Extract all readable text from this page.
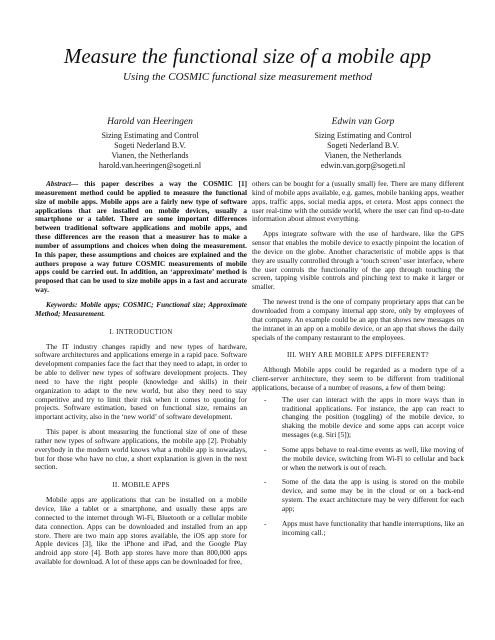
Measure the functional size of a mobile app
Using the COSMIC functional size measurement method
Harold van Heeringen
Sizing Estimating and Control
Sogeti Nederland B.V.
Vianen, the Netherlands
harold.van.heeringen@sogeti.nl
Edwin van Gorp
Sizing Estimating and Control
Sogeti Nederland B.V.
Vianen, the Netherlands
edwin.van.gorp@sogeti.nl

Abstract— this paper describes a way the COSMIC [1] measurement method could be applied to measure the functional size of mobile apps. Mobile apps are a fairly new type of software applications that are installed on mobile devices, usually a smartphone or a tablet. There are some important differences between traditional software applications and mobile apps, and these differences are the reason that a measurer has to make a number of assumptions and choices when doing the measurement. In this paper, these assumptions and choices are explained and the authors propose a way future COSMIC measurements of mobile apps could be carried out. In addition, an ‘approximate’ method is proposed that can be used to size mobile apps in a fast and accurate way.

Keywords: Mobile apps; COSMIC; Functional size; Approximate Method; Measurement.

I. INTRODUCTION

The IT industry changes rapidly and new types of hardware, software architectures and applications emerge in a rapid pace. Software development companies face the fact that they need to adapt, in order to be able to deliver new types of software development projects. They need to have the right people (knowledge and skills) in their organization to adapt to the new world, but also they need to stay competitive and try to limit their risk when it comes to quoting for projects. Software estimation, based on functional size, remains an important activity, also in the ‘new world’ of software development.

This paper is about measuring the functional size of one of these rather new types of software applications, the mobile app [2]. Probably everybody in the modern world knows what a mobile app is nowadays, but for those who have no clue, a short explanation is given in the next section.

II. MOBILE APPS

Mobile apps are applications that can be installed on a mobile device, like a tablet or a smartphone, and usually these apps are connected to the internet through Wi-Fi, Bluetooth or a cellular mobile data connection. Apps can be downloaded and installed from an app store. There are two main app stores available, the iOS app store for Apple devices [3], like the iPhone and iPad, and the Google Play android app store [4]. Both app stores have more than 800,000 apps available for download. A lot of these apps can be downloaded for free,

others can be bought for a (usually small) fee. There are many different kind of mobile apps available, e.g. games, mobile banking apps, weather apps, traffic apps, social media apps, et cetera. Most apps connect the user real-time with the outside world, where the user can find up-to-date information about almost everything.

Apps integrate software with the use of hardware, like the GPS sensor that enables the mobile device to exactly pinpoint the location of the device on the globe. Another characteristic of mobile apps is that they are usually controlled through a ‘touch screen’ user interface, where the user controls the functionality of the app through touching the screen, tapping visible controls and pinching text to make it larger or smaller.

The newest trend is the one of company proprietary apps that can be downloaded from a company internal app store, only by employees of that company. An example could be an app that shows new messages on the intranet in an app on a mobile device, or an app that shows the daily specials of the company restaurant to the employees.

III. WHY ARE MOBILE APPS DIFFERENT?

Although Mobile apps could be regarded as a modern type of a client-server architecture, they seem to be different from traditional applications, because of a number of reasons, a few of them being:

-	The user can interact with the apps in more ways than in traditional applications. For instance, the app can react to changing the position (toggling) of the mobile device, to shaking the mobile device and some apps can accept voice messages (e.g. Siri [5]);
-	Some apps behave to real-time events as well, like moving of the mobile device, switching from Wi-Fi to cellular and back or when the network is out of reach.
-	Some of the data the app is using is stored on the mobile device, and some may be in the cloud or on a back-end system. The exact architecture may be very different for each app;
-	Apps must have functionality that handle interruptions, like an incoming call.;
